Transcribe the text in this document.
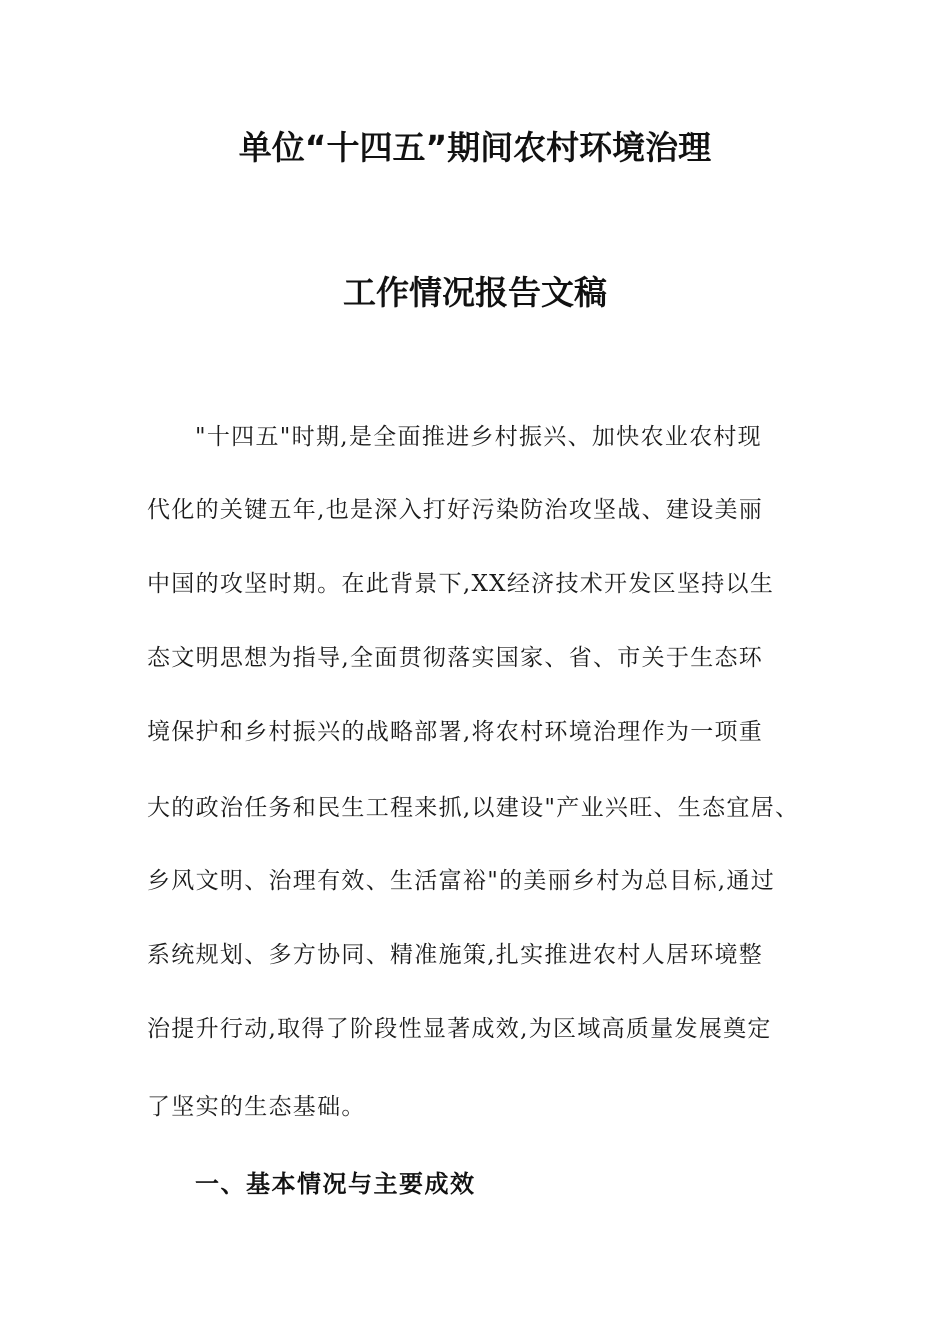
单位“十四五”期间农村环境治理
工作情况报告文稿
"十四五"时期,是全面推进乡村振兴、加快农业农村现
代化的关键五年,也是深入打好污染防治攻坚战、建设美丽
中国的攻坚时期。在此背景下,XX经济技术开发区坚持以生
态文明思想为指导,全面贯彻落实国家、省、市关于生态环
境保护和乡村振兴的战略部署,将农村环境治理作为一项重
大的政治任务和民生工程来抓,以建设"产业兴旺、生态宜居、
乡风文明、治理有效、生活富裕"的美丽乡村为总目标,通过
系统规划、多方协同、精准施策,扎实推进农村人居环境整
治提升行动,取得了阶段性显著成效,为区域高质量发展奠定
了坚实的生态基础。
一、基本情况与主要成效
